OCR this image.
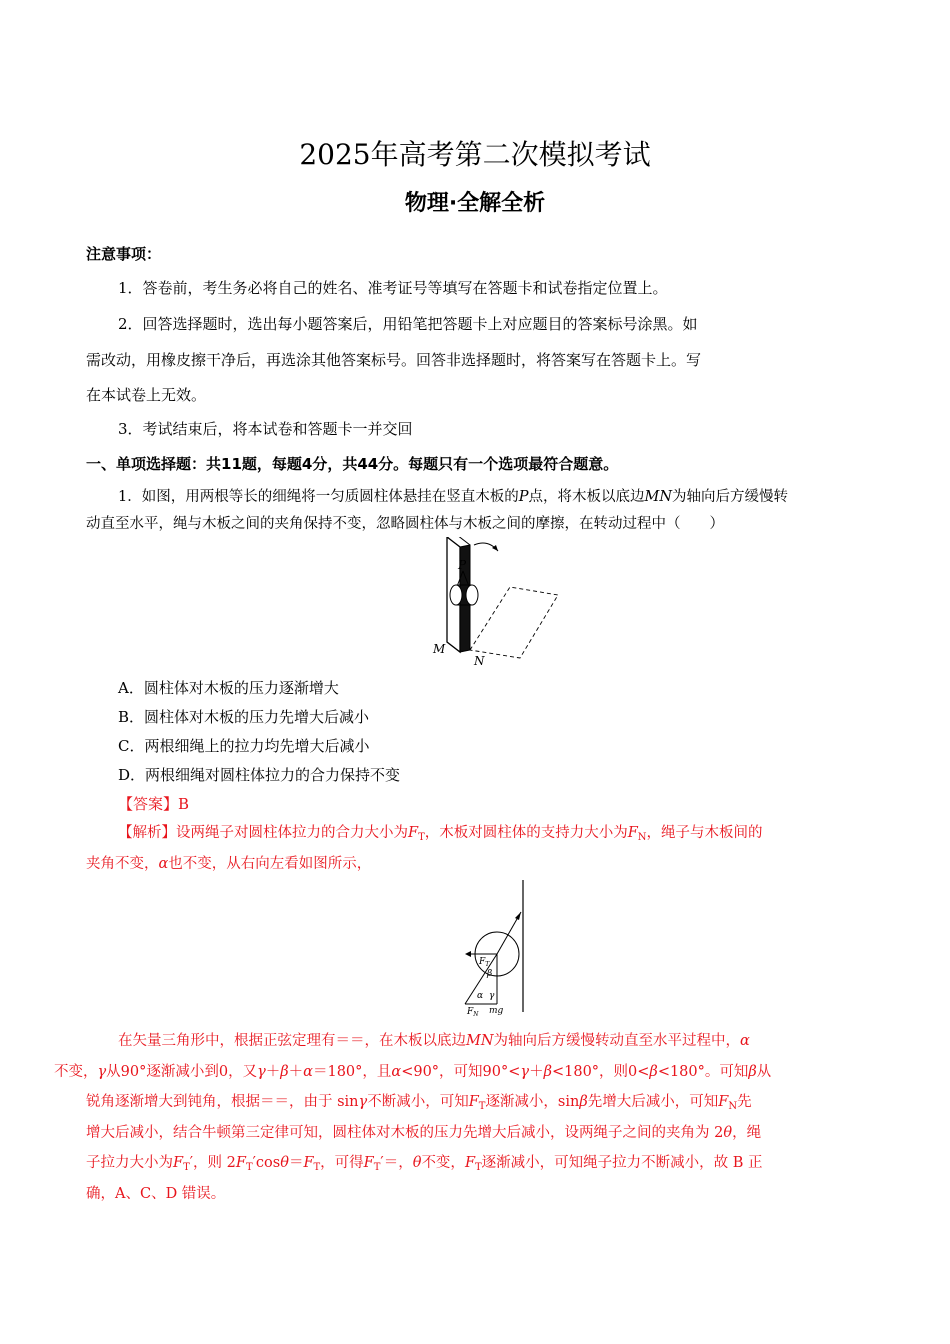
2025年高考第二次模拟考试
物理·全解全析
注意事项：
1．答卷前，考生务必将自己的姓名、准考证号等填写在答题卡和试卷指定位置上。
2．回答选择题时，选出每小题答案后，用铅笔把答题卡上对应题目的答案标号涂黑。如
需改动，用橡皮擦干净后，再选涂其他答案标号。回答非选择题时，将答案写在答题卡上。写
在本试卷上无效。
3．考试结束后，将本试卷和答题卡一并交回
一、单项选择题：共11题，每题4分，共44分。每题只有一个选项最符合题意。
1．如图，用两根等长的细绳将一匀质圆柱体悬挂在竖直木板的P点，将木板以底边MN为轴向后方缓慢转
动直至水平，绳与木板之间的夹角保持不变，忽略圆柱体与木板之间的摩擦，在转动过程中（　　）
P
M
N
A．圆柱体对木板的压力逐渐增大
B．圆柱体对木板的压力先增大后减小
C．两根细绳上的拉力均先增大后减小
D．两根细绳对圆柱体拉力的合力保持不变
【答案】B
【解析】设两绳子对圆柱体拉力的合力大小为$F_T$，木板对圆柱体的支持力大小为$F_N$，绳子与木板间的
夹角不变，α也不变，从右向左看如图所示，
$F_T$
β
α γ
$F_N$ mg
在矢量三角形中，根据正弦定理有＝＝，在木板以底边MN为轴向后方缓慢转动直至水平过程中，α
不变，γ从90°逐渐减小到0，又γ＋β＋α＝180°，且α<90°，可知90°<γ＋β<180°，则0<β<180°。可知β从
锐角逐渐增大到钝角，根据＝＝，由于 sinγ不断减小，可知$F_T$逐渐减小，sinβ先增大后减小，可知$F_N$先
增大后减小，结合牛顿第三定律可知，圆柱体对木板的压力先增大后减小，设两绳子之间的夹角为 2θ，绳
子拉力大小为$F_T'$，则 $2F_T'\cos\theta=F_T$，可得$F_T'=$，θ不变，$F_T$逐渐减小，可知绳子拉力不断减小，故 B 正
确，A、C、D 错误。
